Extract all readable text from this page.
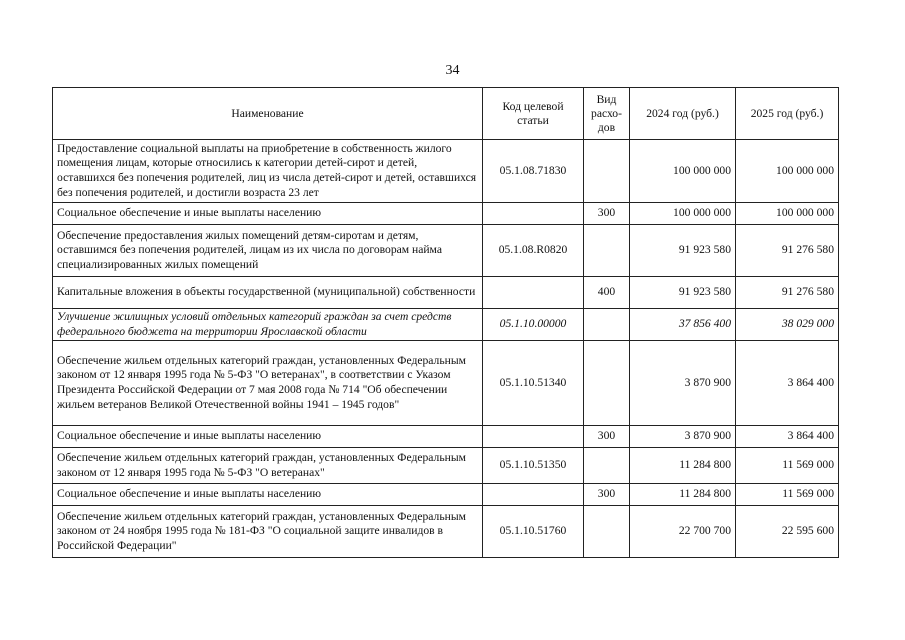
34
Наименование	Код целевой статьи	Вид расхо-дов	2024 год (руб.)	2025 год (руб.)
Предоставление социальной выплаты на приобретение в собственность жилого помещения лицам, которые относились к категории детей-сирот и детей, оставшихся без попечения родителей, лиц из числа детей-сирот и детей, оставшихся без попечения родителей, и достигли возраста 23 лет	05.1.08.71830		100 000 000	100 000 000
Социальное обеспечение и иные выплаты населению		300	100 000 000	100 000 000
Обеспечение предоставления жилых помещений детям-сиротам и детям, оставшимся без попечения родителей, лицам из их числа по договорам найма специализированных жилых помещений	05.1.08.R0820		91 923 580	91 276 580
Капитальные вложения в объекты государственной (муниципальной) собственности		400	91 923 580	91 276 580
Улучшение жилищных условий отдельных категорий граждан за счет средств федерального бюджета на территории Ярославской области	05.1.10.00000		37 856 400	38 029 000
Обеспечение жильем отдельных категорий граждан, установленных Федеральным законом от 12 января 1995 года № 5-ФЗ "О ветеранах", в соответствии с Указом Президента Российской Федерации от 7 мая 2008 года № 714 "Об обеспечении жильем ветеранов Великой Отечественной войны 1941 – 1945 годов"	05.1.10.51340		3 870 900	3 864 400
Социальное обеспечение и иные выплаты населению		300	3 870 900	3 864 400
Обеспечение жильем отдельных категорий граждан, установленных Федеральным законом от 12 января 1995 года № 5-ФЗ "О ветеранах"	05.1.10.51350		11 284 800	11 569 000
Социальное обеспечение и иные выплаты населению		300	11 284 800	11 569 000
Обеспечение жильем отдельных категорий граждан, установленных Федеральным законом от 24 ноября 1995 года № 181-ФЗ "О социальной защите инвалидов в Российской Федерации"	05.1.10.51760		22 700 700	22 595 600
